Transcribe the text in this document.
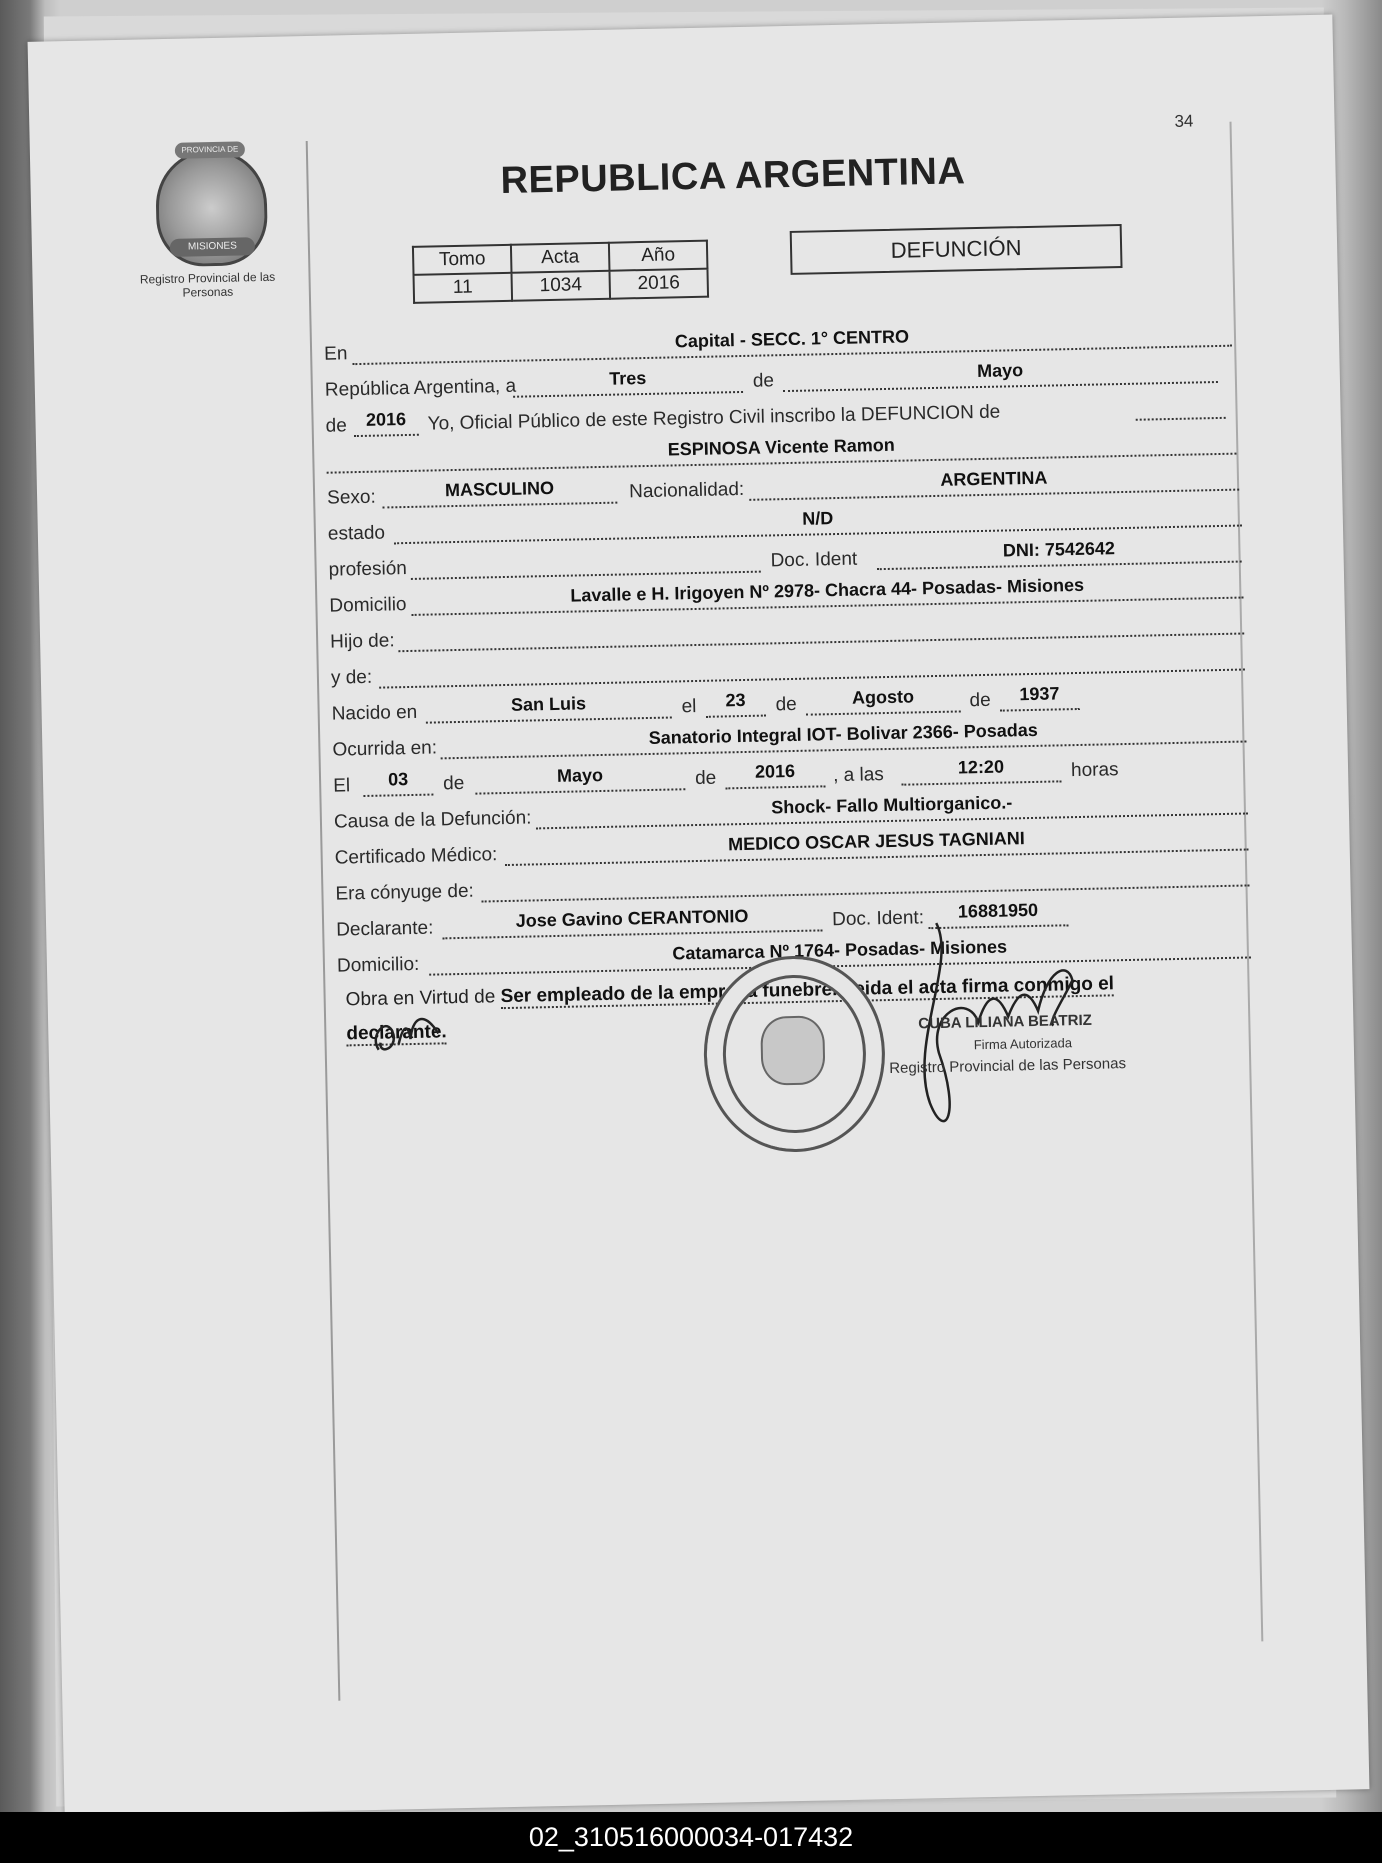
34
PROVINCIA DE
MISIONES
Registro Provincial de las Personas
REPUBLICA ARGENTINA
Tomo	Acta	Año
11	1034	2016
DEFUNCIÓN
En
Capital - SECC. 1° CENTRO
República Argentina, a	Tres	de	Mayo
de	2016	Yo, Oficial Público de este Registro Civil inscribo la DEFUNCION de
ESPINOSA Vicente Ramon
Sexo:	MASCULINO	Nacionalidad:
ARGENTINA
estado
N/D
profesión	Doc. Ident	DNI: 7542642
Domicilio	Lavalle e H. Irigoyen Nº 2978- Chacra 44- Posadas- Misiones
Hijo de:
y de:
Nacido en	San Luis	el	23	de	Agosto	de	1937
Ocurrida en:
Sanatorio Integral IOT- Bolivar 2366- Posadas
El	03	de	Mayo	de	2016	, a las	12:20	horas
Causa de la Defunción:
Shock- Fallo Multiorganico.-
Certificado Médico:
MEDICO OSCAR JESUS TAGNIANI
Era cónyuge de:
Declarante:	Jose Gavino CERANTONIO	Doc. Ident:	16881950
Domicilio:
Catamarca Nº 1764- Posadas- Misiones
Obra en Virtud de Ser empleado de la empresa funebre. Leida el acta firma conmigo el declarante.	CUBA LILIANA BEATRIZ
Firma Autorizada
Registro Provincial de las Personas
02_310516000034-017432
